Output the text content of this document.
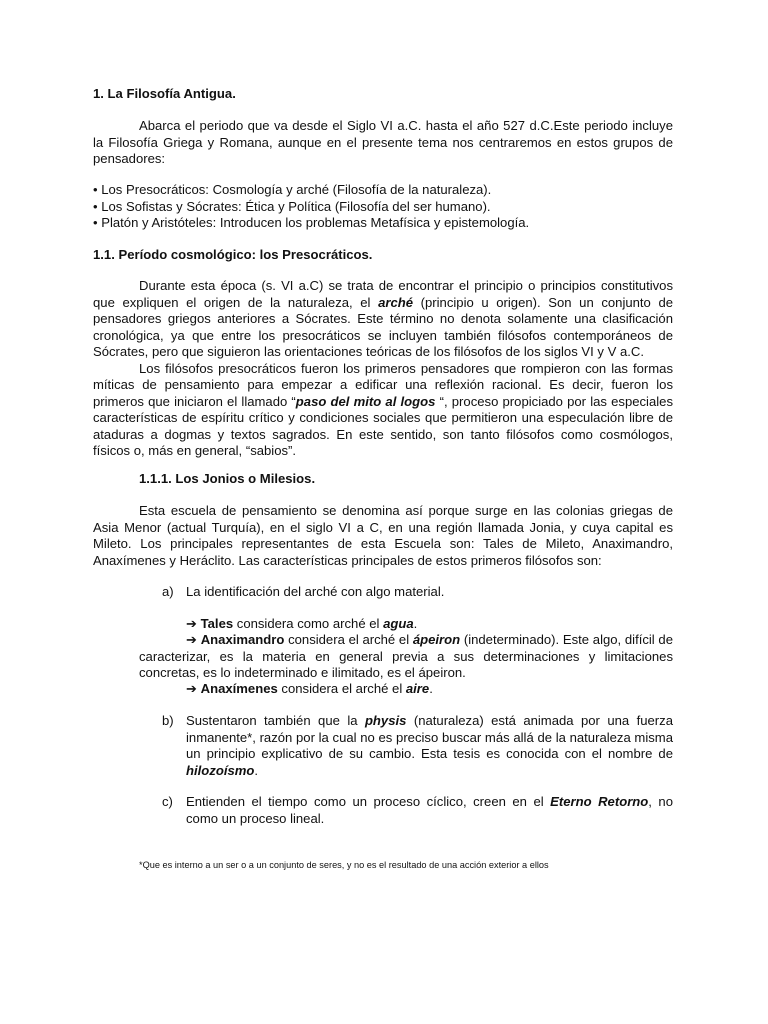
1. La Filosofía Antigua.

Abarca el periodo que va desde el Siglo VI a.C. hasta el año 527 d.C.Este periodo incluye la Filosofía Griega y Romana, aunque en el presente tema nos centraremos en estos grupos de pensadores:

• Los Presocráticos: Cosmología y arché (Filosofía de la naturaleza).

• Los Sofistas y Sócrates: Ética y Política (Filosofía del ser humano).

• Platón y Aristóteles: Introducen los problemas Metafísica y epistemología.

1.1. Período cosmológico: los Presocráticos.

Durante esta época (s. VI a.C) se trata de encontrar el principio o principios constitutivos que expliquen el origen de la naturaleza, el arché (principio u origen). Son un conjunto de pensadores griegos anteriores a Sócrates. Este término no denota solamente una clasificación cronológica, ya que entre los presocráticos se incluyen también filósofos contemporáneos de Sócrates, pero que siguieron las orientaciones teóricas de los filósofos de los siglos VI y V a.C.

Los filósofos presocráticos fueron los primeros pensadores que rompieron con las formas míticas de pensamiento para empezar a edificar una reflexión racional. Es decir, fueron los primeros que iniciaron el llamado “paso del mito al logos “, proceso propiciado por las especiales características de espíritu crítico y condiciones sociales que permitieron una especulación libre de ataduras a dogmas y textos sagrados. En este sentido, son tanto filósofos como cosmólogos, físicos o, más en general, “sabios”.

1.1.1. Los Jonios o Milesios.

Esta escuela de pensamiento se denomina así porque surge en las colonias griegas de Asia Menor (actual Turquía), en el siglo VI a C, en una región llamada Jonia, y cuya capital es Mileto. Los principales representantes de esta Escuela son: Tales de Mileto, Anaximandro, Anaxímenes y Heráclito. Las características principales de estos primeros filósofos son:

a) La identificación del arché con algo material.
➔ Tales considera como arché el agua.
➔ Anaximandro considera el arché el ápeiron (indeterminado). Este algo, difícil de caracterizar, es la materia en general previa a sus determinaciones y limitaciones concretas, es lo indeterminado e ilimitado, es el ápeiron.
➔ Anaxímenes considera el arché el aire.
b) Sustentaron también que la physis (naturaleza) está animada por una fuerza inmanente*, razón por la cual no es preciso buscar más allá de la naturaleza misma un principio explicativo de su cambio. Esta tesis es conocida con el nombre de hilozoísmo.
c) Entienden el tiempo como un proceso cíclico, creen en el Eterno Retorno, no como un proceso lineal.
*Que es interno a un ser o a un conjunto de seres, y no es el resultado de una acción exterior a ellos
